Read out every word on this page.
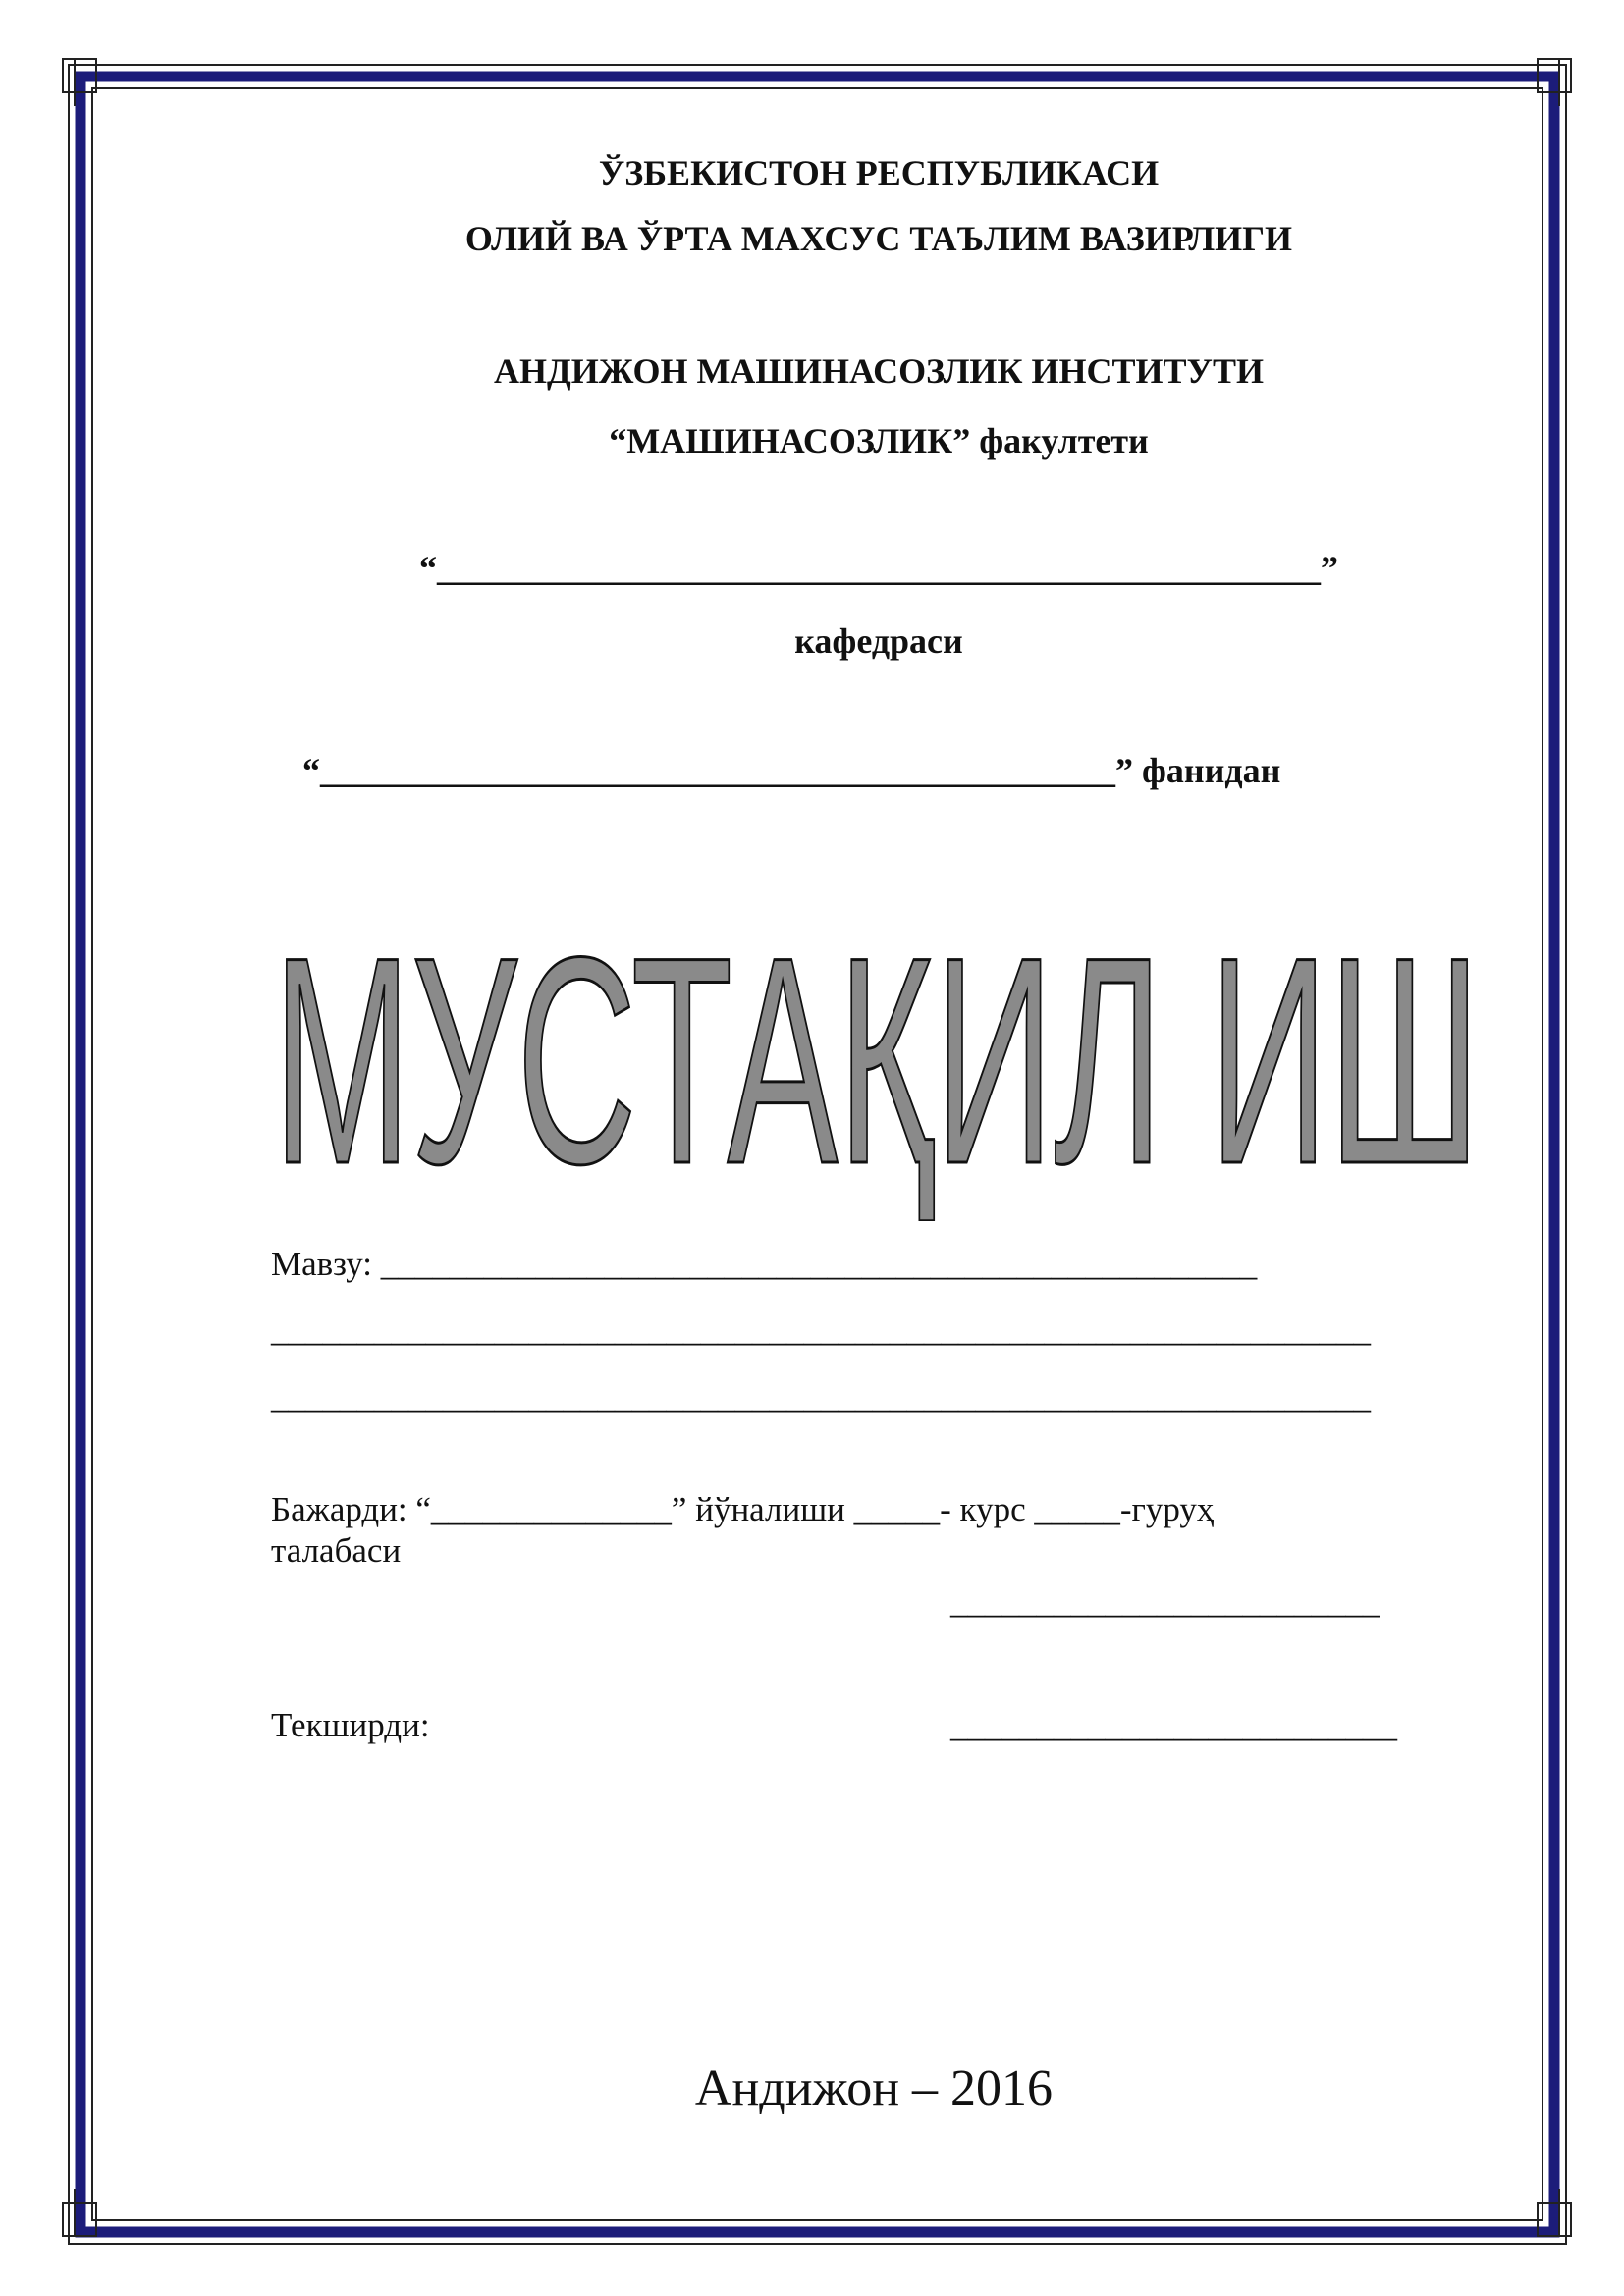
ЎЗБЕКИСТОН РЕСПУБЛИКАСИ
ОЛИЙ ВА ЎРТА МАХСУС ТАЪЛИМ ВАЗИРЛИГИ
АНДИЖОН МАШИНАСОЗЛИК ИНСТИТУТИ
“МАШИНАСОЗЛИК” факултети
“__________________________________________________”
кафедраси
“_____________________________________________” фанидан
МУСТАҚИЛ ИШ
Мавзу: ___________________________________________________
________________________________________________________________
________________________________________________________________
Бажарди: “______________” йўналиши _____- курс _____-гуруҳ
талабаси
_________________________
Текширди:	__________________________
Андижон – 2016
